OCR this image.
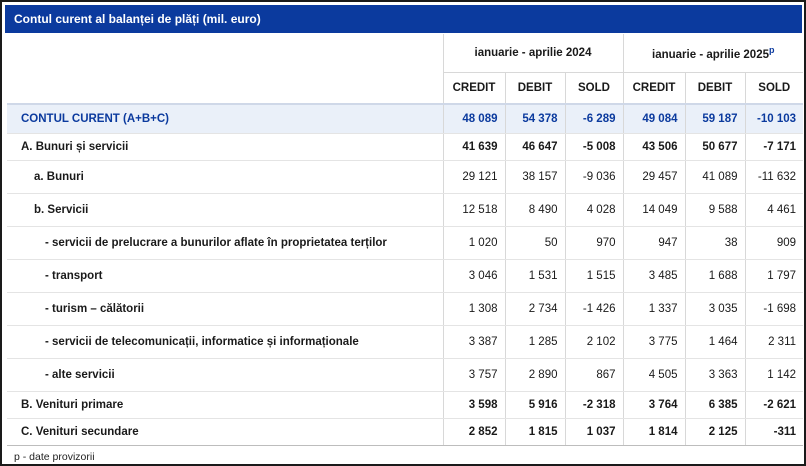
Contul curent al balanței de plăți (mil. euro)
	ianuarie - aprilie 2024			ianuarie - aprilie 2025$^p$
	CREDIT	DEBIT	SOLD	CREDIT	DEBIT	SOLD
CONTUL CURENT (A+B+C)	48 089	54 378	-6 289	49 084	59 187	-10 103
A. Bunuri și servicii	41 639	46 647	-5 008	43 506	50 677	-7 171
a. Bunuri	29 121	38 157	-9 036	29 457	41 089	-11 632
b. Servicii	12 518	8 490	4 028	14 049	9 588	4 461
- servicii de prelucrare a bunurilor aflate în proprietatea terților	1 020	50	970	947	38	909
- transport	3 046	1 531	1 515	3 485	1 688	1 797
- turism – călătorii	1 308	2 734	-1 426	1 337	3 035	-1 698
- servicii de telecomunicații, informatice și informaționale	3 387	1 285	2 102	3 775	1 464	2 311
- alte servicii	3 757	2 890	867	4 505	3 363	1 142
B. Venituri primare	3 598	5 916	-2 318	3 764	6 385	-2 621
C. Venituri secundare	2 852	1 815	1 037	1 814	2 125	-311
p - date provizorii
